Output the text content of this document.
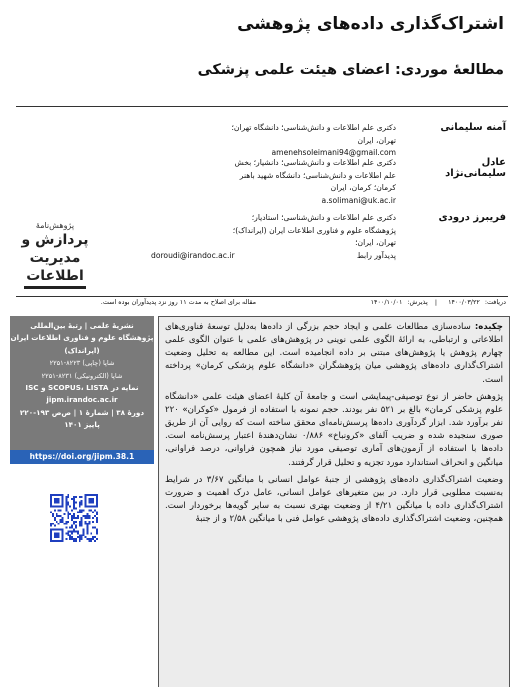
اشتراک‌گذاری داده‌های پژوهشی
مطالعۀ موردی: اعضای هیئت علمی پزشکی
آمنه سلیمانی
دکتری علم اطلاعات و دانش‌شناسی؛ دانشگاه تهران؛
تهران، ایران
amenehsoleimani94@gmail.com
عادل سلیمانی‌نژاد
دکتری علم اطلاعات و دانش‌شناسی؛ دانشیار؛ بخش
علم اطلاعات و دانش‌شناسی؛ دانشگاه شهید باهنر
کرمان؛ کرمان، ایران
a.solimani@uk.ac.ir
فریبرز درودی
دکتری علم اطلاعات و دانش‌شناسی؛ استادیار؛
پژوهشگاه علوم و فناوری اطلاعات ایران (ایرانداک)؛
تهران، ایران؛
پدیدآور رابط
doroudi@irandoc.ac.ir
پژوهش‌نامۀ
پردازش و
مدیریت
اطلاعات
دریافت:۱۴۰۰/۰۳/۲۲ | پذیرش:۱۴۰۰/۱۰/۰۱
مقاله برای اصلاح به مدت ۱۱ روز نزد پدیدآوران بوده است.
نشریۀ علمی | رتبۀ بین‌المللی
پژوهشگاه علوم و فناوری اطلاعات ایران
(ایرانداک)
شاپا (چاپی) ۸۲۲۳-۲۲۵۱
شاپا (الکترونیکی) ۸۲۳۱-۲۲۵۱
نمایه در SCOPUS، LISTA و ISC
jipm.irandoc.ac.ir
دورۀ ۳۸ | شمارۀ ۱ | ص‌ص ۱۹۳-۲۲۰
پاییز ۱۴۰۱
https://doi.org/jipm.38.1

چکیده: ساده‌سازی مطالعات علمی و ایجاد حجم بزرگی از داده‌ها به‌دلیل توسعۀ فناوری‌های اطلاعاتی و ارتباطی، به ارائۀ الگوی علمی نوینی در پژوهش‌های علمی با عنوان الگوی علمی چهارم پژوهش یا پژوهش‌های مبتنی بر داده انجامیده است. این مطالعه به تحلیل وضعیت اشتراک‌گذاری داده‌های پژوهشی میان پژوهشگران «دانشگاه علوم پزشکی کرمان» پرداخته است.

پژوهش حاضر از نوع توصیفی-پیمایشی است و جامعۀ آن کلیۀ اعضای هیئت علمی «دانشگاه علوم پزشکی کرمان» بالغ بر ۵۲۱ نفر بودند. حجم نمونه با استفاده از فرمول «کوکران» ۲۲۰ نفر برآورد شد. ابزار گردآوری داده‌ها پرسش‌نامه‌ای محقق ساخته است که روایی آن از طریق صوری سنجیده شده و ضریب آلفای «کرونباخ» ۰/۸۸۶ نشان‌دهندۀ اعتبار پرسش‌نامه است. داده‌ها با استفاده از آزمون‌های آماری توصیفی مورد نیاز همچون فراوانی، درصد فراوانی، میانگین و انحراف استاندارد مورد تجزیه و تحلیل قرار گرفتند.

وضعیت اشتراک‌گذاری داده‌های پژوهشی از جنبۀ عوامل انسانی با میانگین ۳/۶۷ در شرایط به‌نسبت مطلوبی قرار دارد. در بین متغیرهای عوامل انسانی، عامل درک اهمیت و ضرورت اشتراک‌گذاری داده با میانگین ۴/۲۱ از وضعیت بهتری نسبت به سایر گویه‌ها برخوردار است. همچنین، وضعیت اشتراک‌گذاری داده‌های پژوهشی عوامل فنی با میانگین ۲/۵۸ و از جنبۀ
